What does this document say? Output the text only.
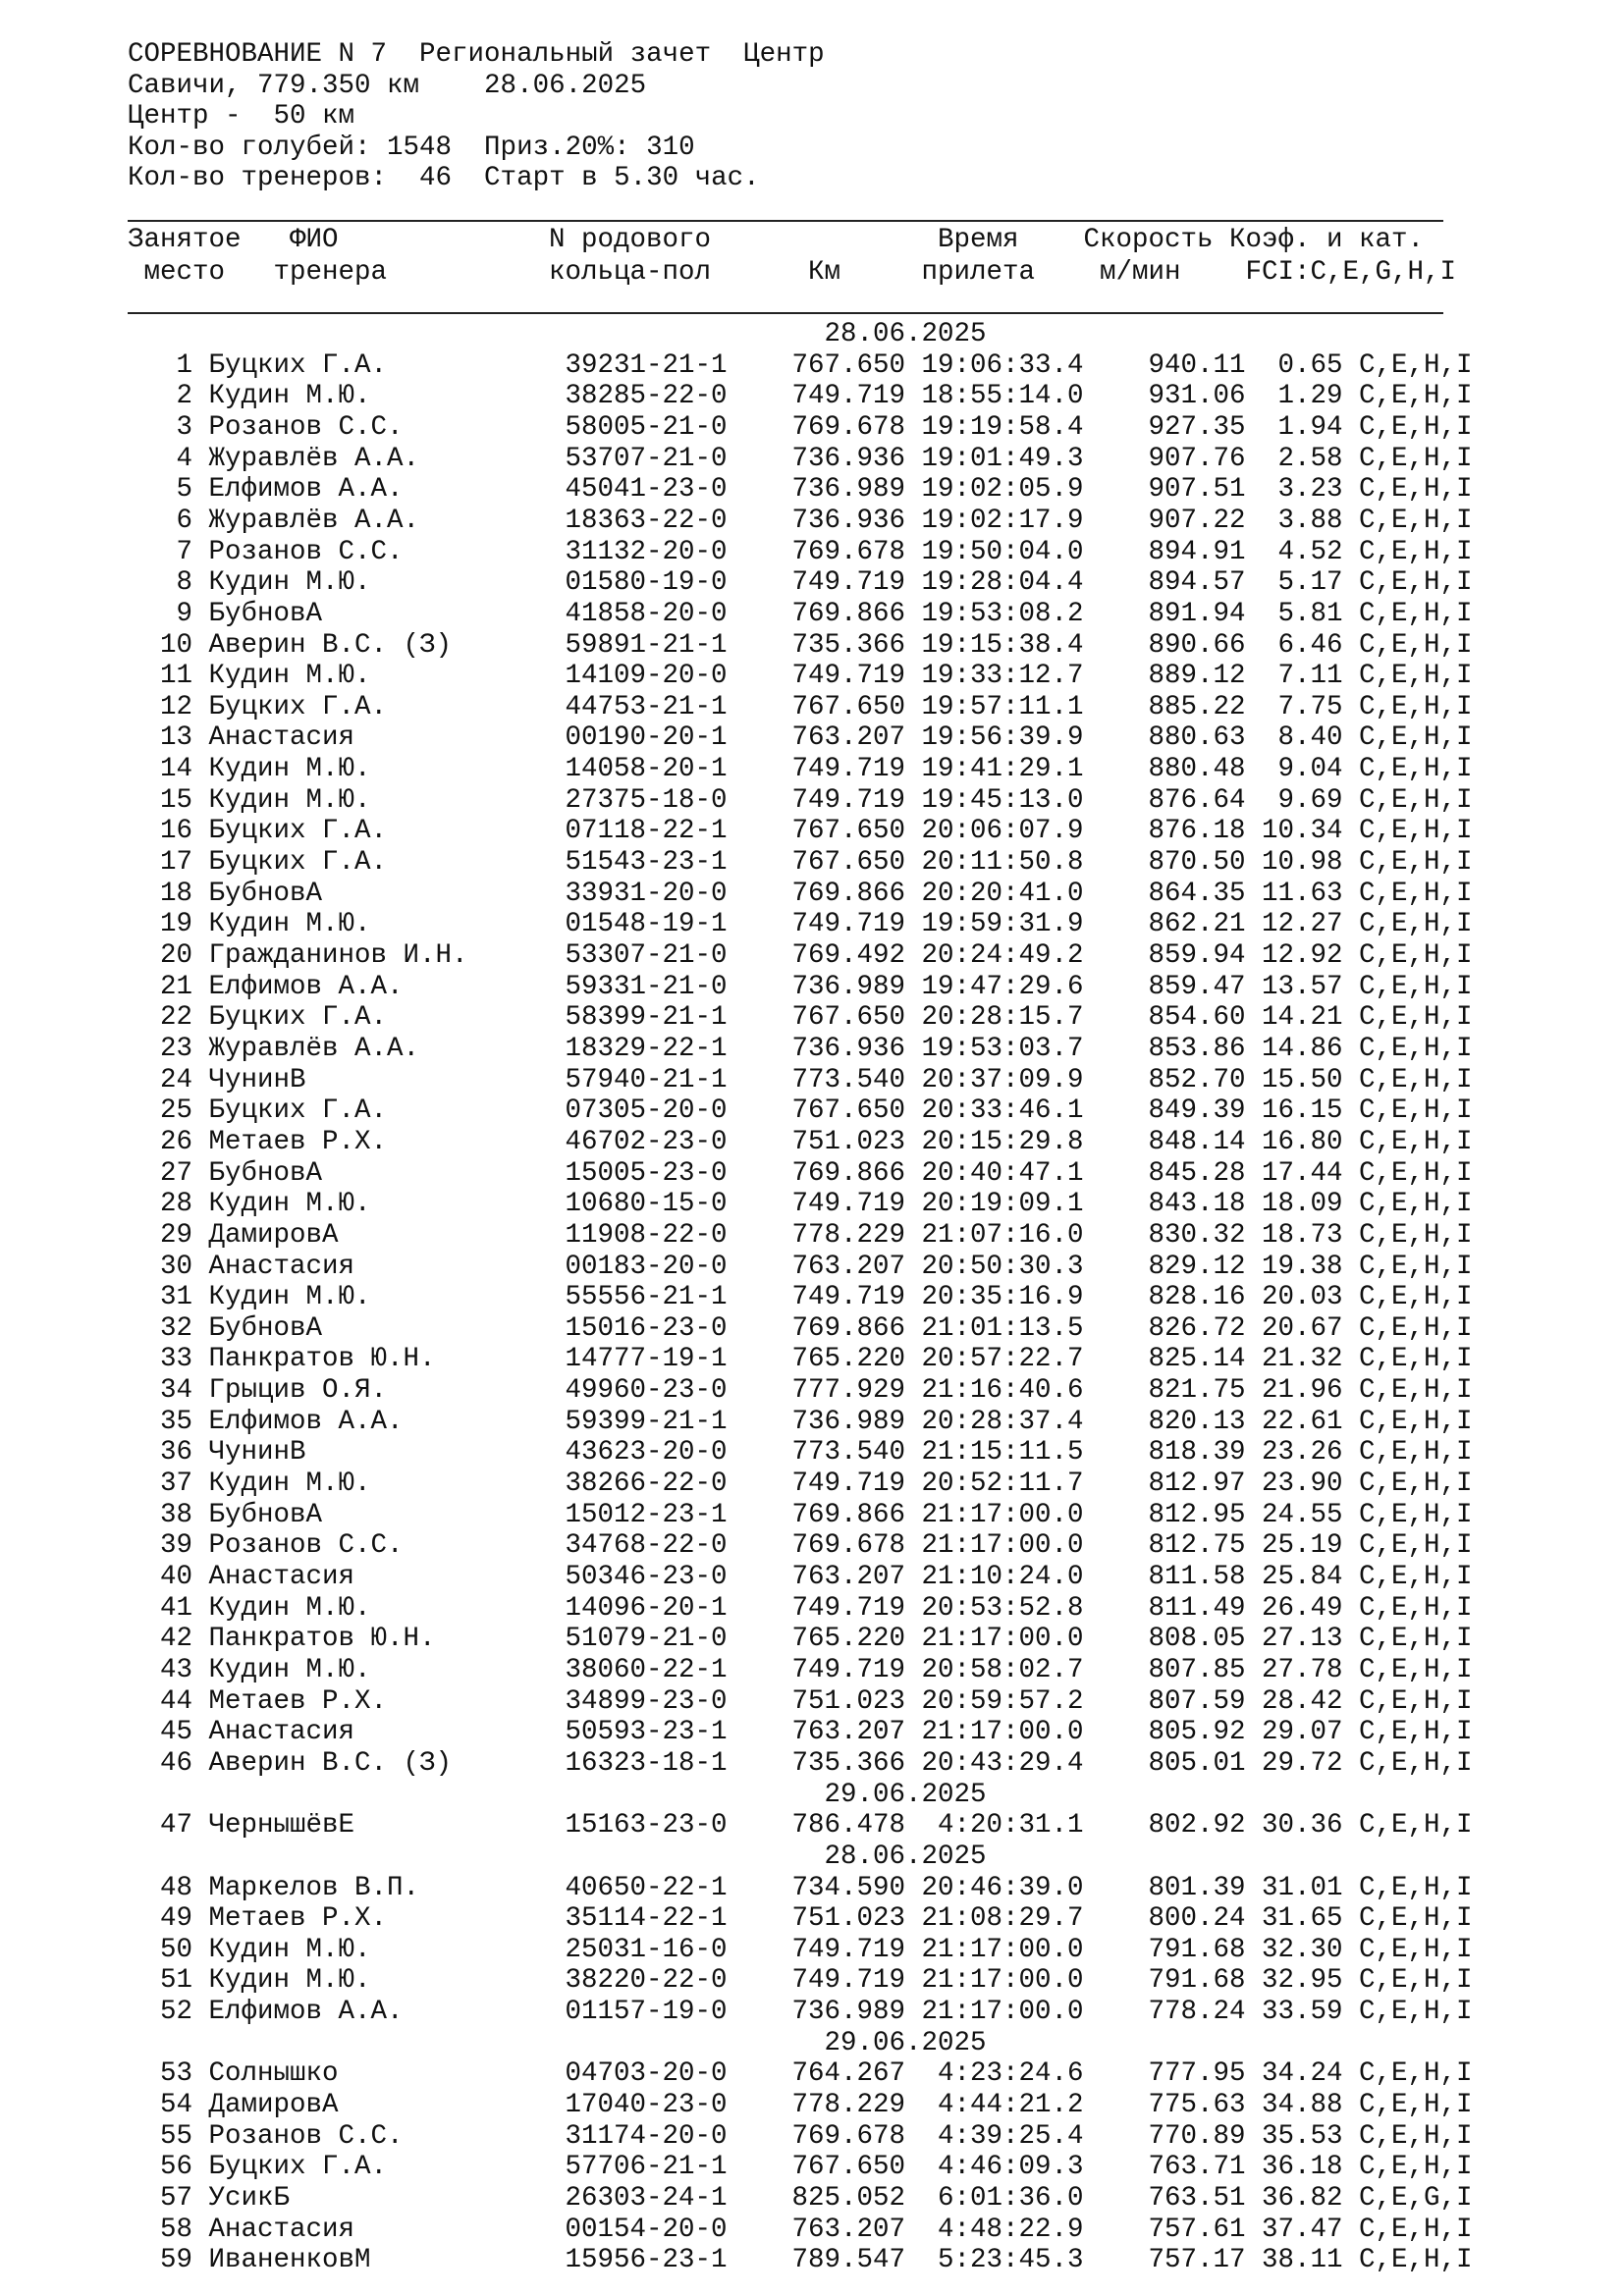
СОРЕВНОВАНИЕ N 7  Региональный зачет  Центр
Савичи, 779.350 км    28.06.2025
Центр -  50 км
Кол-во голубей: 1548  Приз.20%: 310
Кол-во тренеров:  46  Старт в 5.30 час.
Занятое ФИО	N родового	Время Скорость Коэф. и кат.
место тренера	кольца-пол	Км	прилета м/мин FCI:C,E,G,H,I
28.06.2025
1 Буцких Г.А.	39231-21-1 767.650 19:06:33.4 940.11 0.65 C,E,H,I
2 Кудин М.Ю.	38285-22-0 749.719 18:55:14.0 931.06 1.29 C,E,H,I
3 Розанов С.С.	58005-21-0 769.678 19:19:58.4 927.35 1.94 C,E,H,I
4 Журавлёв А.А.	53707-21-0 736.936 19:01:49.3 907.76 2.58 C,E,H,I
5 Елфимов А.А.	45041-23-0 736.989 19:02:05.9 907.51 3.23 C,E,H,I
6 Журавлёв А.А.	18363-22-0 736.936 19:02:17.9 907.22 3.88 C,E,H,I
7 Розанов С.С.	31132-20-0 769.678 19:50:04.0 894.91 4.52 C,E,H,I
8 Кудин М.Ю.	01580-19-0 749.719 19:28:04.4 894.57 5.17 C,E,H,I
9 БубновА	41858-20-0 769.866 19:53:08.2 891.94 5.81 C,E,H,I
10 Аверин В.С. (З)	59891-21-1 735.366 19:15:38.4 890.66 6.46 C,E,H,I
11 Кудин М.Ю.	14109-20-0 749.719 19:33:12.7 889.12 7.11 C,E,H,I
12 Буцких Г.А.	44753-21-1 767.650 19:57:11.1 885.22 7.75 C,E,H,I
13 Анастасия	00190-20-1 763.207 19:56:39.9 880.63 8.40 C,E,H,I
14 Кудин М.Ю.	14058-20-1 749.719 19:41:29.1 880.48 9.04 C,E,H,I
15 Кудин М.Ю.	27375-18-0 749.719 19:45:13.0 876.64 9.69 C,E,H,I
16 Буцких Г.А.	07118-22-1 767.650 20:06:07.9 876.18 10.34 C,E,H,I
17 Буцких Г.А.	51543-23-1 767.650 20:11:50.8 870.50 10.98 C,E,H,I
18 БубновА	33931-20-0 769.866 20:20:41.0 864.35 11.63 C,E,H,I
19 Кудин М.Ю.	01548-19-1 749.719 19:59:31.9 862.21 12.27 C,E,H,I
20 Гражданинов И.Н.	53307-21-0 769.492 20:24:49.2 859.94 12.92 C,E,H,I
21 Елфимов А.А.	59331-21-0 736.989 19:47:29.6 859.47 13.57 C,E,H,I
22 Буцких Г.А.	58399-21-1 767.650 20:28:15.7 854.60 14.21 C,E,H,I
23 Журавлёв А.А.	18329-22-1 736.936 19:53:03.7 853.86 14.86 C,E,H,I
24 ЧунинВ	57940-21-1 773.540 20:37:09.9 852.70 15.50 C,E,H,I
25 Буцких Г.А.	07305-20-0 767.650 20:33:46.1 849.39 16.15 C,E,H,I
26 Метаев Р.Х.	46702-23-0 751.023 20:15:29.8 848.14 16.80 C,E,H,I
27 БубновА	15005-23-0 769.866 20:40:47.1 845.28 17.44 C,E,H,I
28 Кудин М.Ю.	10680-15-0 749.719 20:19:09.1 843.18 18.09 C,E,H,I
29 ДамировА	11908-22-0 778.229 21:07:16.0 830.32 18.73 C,E,H,I
30 Анастасия	00183-20-0 763.207 20:50:30.3 829.12 19.38 C,E,H,I
31 Кудин М.Ю.	55556-21-1 749.719 20:35:16.9 828.16 20.03 C,E,H,I
32 БубновА	15016-23-0 769.866 21:01:13.5 826.72 20.67 C,E,H,I
33 Панкратов Ю.Н.	14777-19-1 765.220 20:57:22.7 825.14 21.32 C,E,H,I
34 Грыцив О.Я.	49960-23-0 777.929 21:16:40.6 821.75 21.96 C,E,H,I
35 Елфимов А.А.	59399-21-1 736.989 20:28:37.4 820.13 22.61 C,E,H,I
36 ЧунинВ	43623-20-0 773.540 21:15:11.5 818.39 23.26 C,E,H,I
37 Кудин М.Ю.	38266-22-0 749.719 20:52:11.7 812.97 23.90 C,E,H,I
38 БубновА	15012-23-1 769.866 21:17:00.0 812.95 24.55 C,E,H,I
39 Розанов С.С.	34768-22-0 769.678 21:17:00.0 812.75 25.19 C,E,H,I
40 Анастасия	50346-23-0 763.207 21:10:24.0 811.58 25.84 C,E,H,I
41 Кудин М.Ю.	14096-20-1 749.719 20:53:52.8 811.49 26.49 C,E,H,I
42 Панкратов Ю.Н.	51079-21-0 765.220 21:17:00.0 808.05 27.13 C,E,H,I
43 Кудин М.Ю.	38060-22-1 749.719 20:58:02.7 807.85 27.78 C,E,H,I
44 Метаев Р.Х.	34899-23-0 751.023 20:59:57.2 807.59 28.42 C,E,H,I
45 Анастасия	50593-23-1 763.207 21:17:00.0 805.92 29.07 C,E,H,I
46 Аверин В.С. (З)	16323-18-1 735.366 20:43:29.4 805.01 29.72 C,E,H,I
29.06.2025
47 ЧернышёвЕ	15163-23-0 786.478 4:20:31.1 802.92 30.36 C,E,H,I
28.06.2025
48 Маркелов В.П.	40650-22-1 734.590 20:46:39.0 801.39 31.01 C,E,H,I
49 Метаев Р.Х.	35114-22-1 751.023 21:08:29.7 800.24 31.65 C,E,H,I
50 Кудин М.Ю.	25031-16-0 749.719 21:17:00.0 791.68 32.30 C,E,H,I
51 Кудин М.Ю.	38220-22-0 749.719 21:17:00.0 791.68 32.95 C,E,H,I
52 Елфимов А.А.	01157-19-0 736.989 21:17:00.0 778.24 33.59 C,E,H,I
29.06.2025
53 Солнышко	04703-20-0 764.267 4:23:24.6 777.95 34.24 C,E,H,I
54 ДамировА	17040-23-0 778.229 4:44:21.2 775.63 34.88 C,E,H,I
55 Розанов С.С.	31174-20-0 769.678 4:39:25.4 770.89 35.53 C,E,H,I
56 Буцких Г.А.	57706-21-1 767.650 4:46:09.3 763.71 36.18 C,E,H,I
57 УсикБ	26303-24-1 825.052 6:01:36.0 763.51 36.82 C,E,G,I
58 Анастасия	00154-20-0 763.207 4:48:22.9 757.61 37.47 C,E,H,I
59 ИваненковМ	15956-23-1 789.547 5:23:45.3 757.17 38.11 C,E,H,I
